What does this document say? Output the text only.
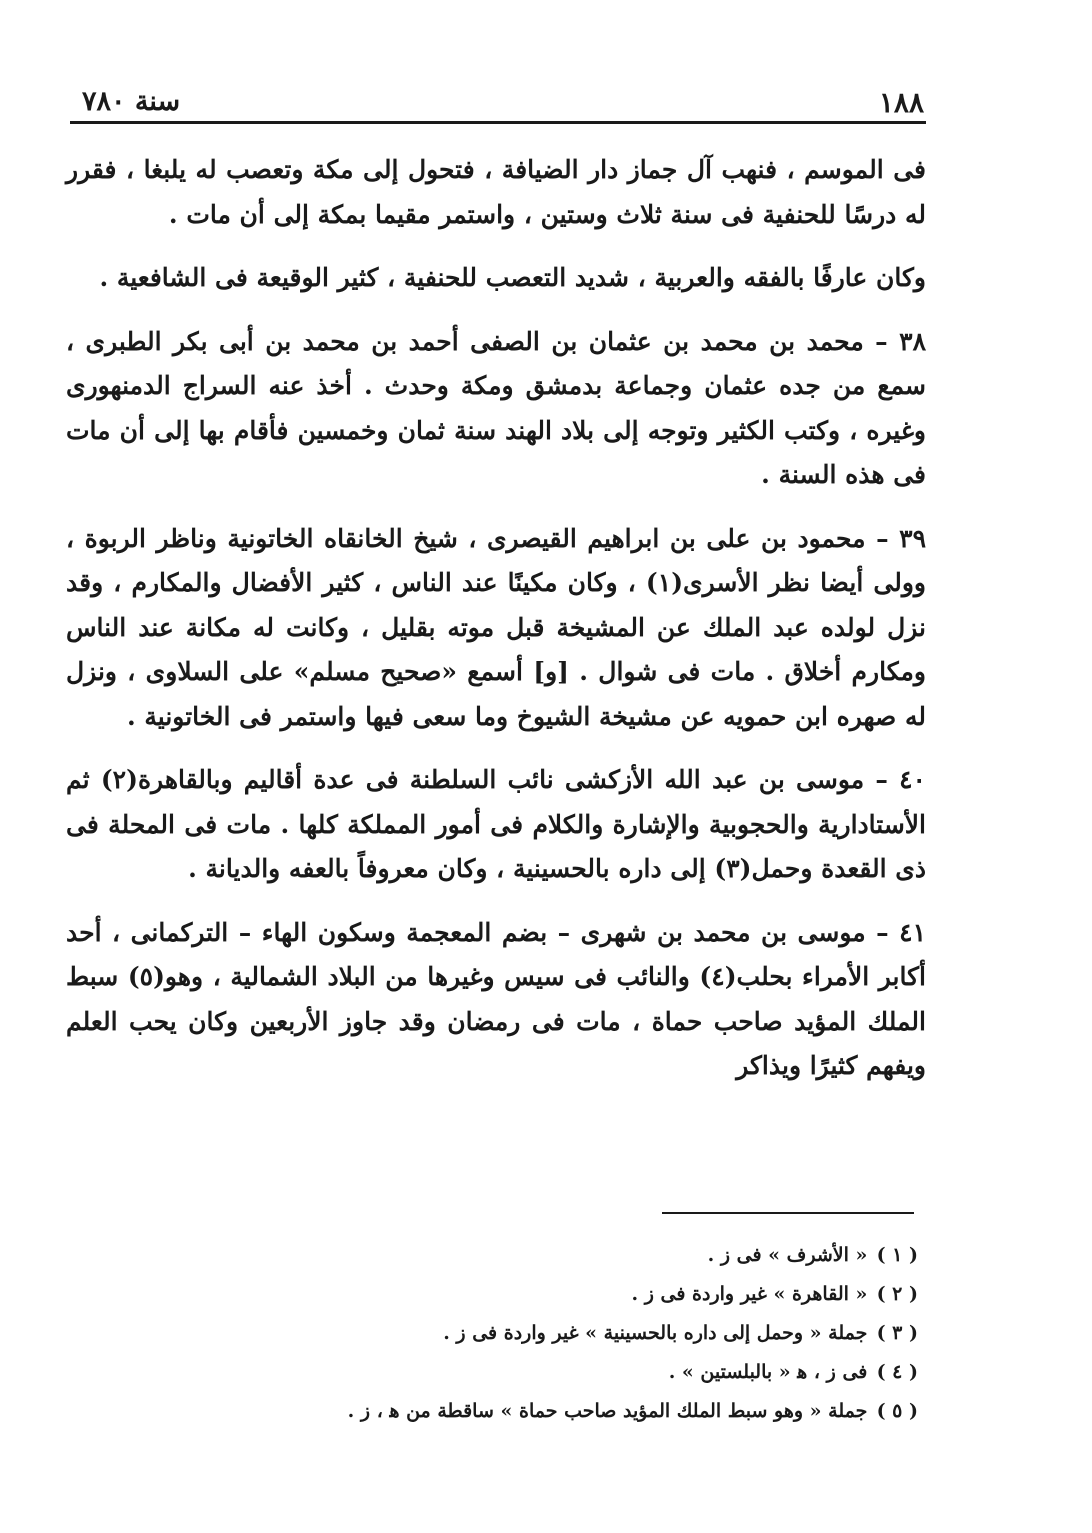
١٨٨
سنة ٧٨٠

فى الموسم ، فنهب آل جماز دار الضيافة ، فتحول إلى مكة وتعصب له يلبغا ، فقرر له درسًا للحنفية فى سنة ثلاث وستين ، واستمر مقيما بمكة إلى أن مات .

وكان عارفًا بالفقه والعربية ، شديد التعصب للحنفية ، كثير الوقيعة فى الشافعية .

٣٨ – محمد بن محمد بن عثمان بن الصفى أحمد بن محمد بن أبى بكر الطبرى ، سمع من جده عثمان وجماعة بدمشق ومكة وحدث . أخذ عنه السراج الدمنهورى وغيره ، وكتب الكثير وتوجه إلى بلاد الهند سنة ثمان وخمسين فأقام بها إلى أن مات فى هذه السنة .

٣٩ – محمود بن على بن ابراهيم القيصرى ، شيخ الخانقاه الخاتونية وناظر الربوة ، وولى أيضا نظر الأسرى(١) ، وكان مكينًا عند الناس ، كثير الأفضال والمكارم ، وقد نزل لولده عبد الملك عن المشيخة قبل موته بقليل ، وكانت له مكانة عند الناس ومكارم أخلاق . مات فى شوال . [و] أسمع «صحيح مسلم» على السلاوى ، ونزل له صهره ابن حمويه عن مشيخة الشيوخ وما سعى فيها واستمر فى الخاتونية .

٤٠ – موسى بن عبد الله الأزكشى نائب السلطنة فى عدة أقاليم وبالقاهرة(٢) ثم الأستادارية والحجوبية والإشارة والكلام فى أمور المملكة كلها . مات فى المحلة فى ذى القعدة وحمل(٣) إلى داره بالحسينية ، وكان معروفاً بالعفه والديانة .

٤١ – موسى بن محمد بن شهرى – بضم المعجمة وسكون الهاء – التركمانى ، أحد أكابر الأمراء بحلب(٤) والنائب فى سيس وغيرها من البلاد الشمالية ، وهو(٥) سبط الملك المؤيد صاحب حماة ، مات فى رمضان وقد جاوز الأربعين وكان يحب العلم ويفهم كثيرًا ويذاكر

( ١ ) « الأشرف » فى ز .
( ٢ ) « القاهرة » غير واردة فى ز .
( ٣ ) جملة « وحمل إلى داره بالحسينية » غير واردة فى ز .
( ٤ ) فى ز ، ﻫ « بالبلستين » .
( ٥ ) جملة « وهو سبط الملك المؤيد صاحب حماة » ساقطة من ﻫ ، ز .
